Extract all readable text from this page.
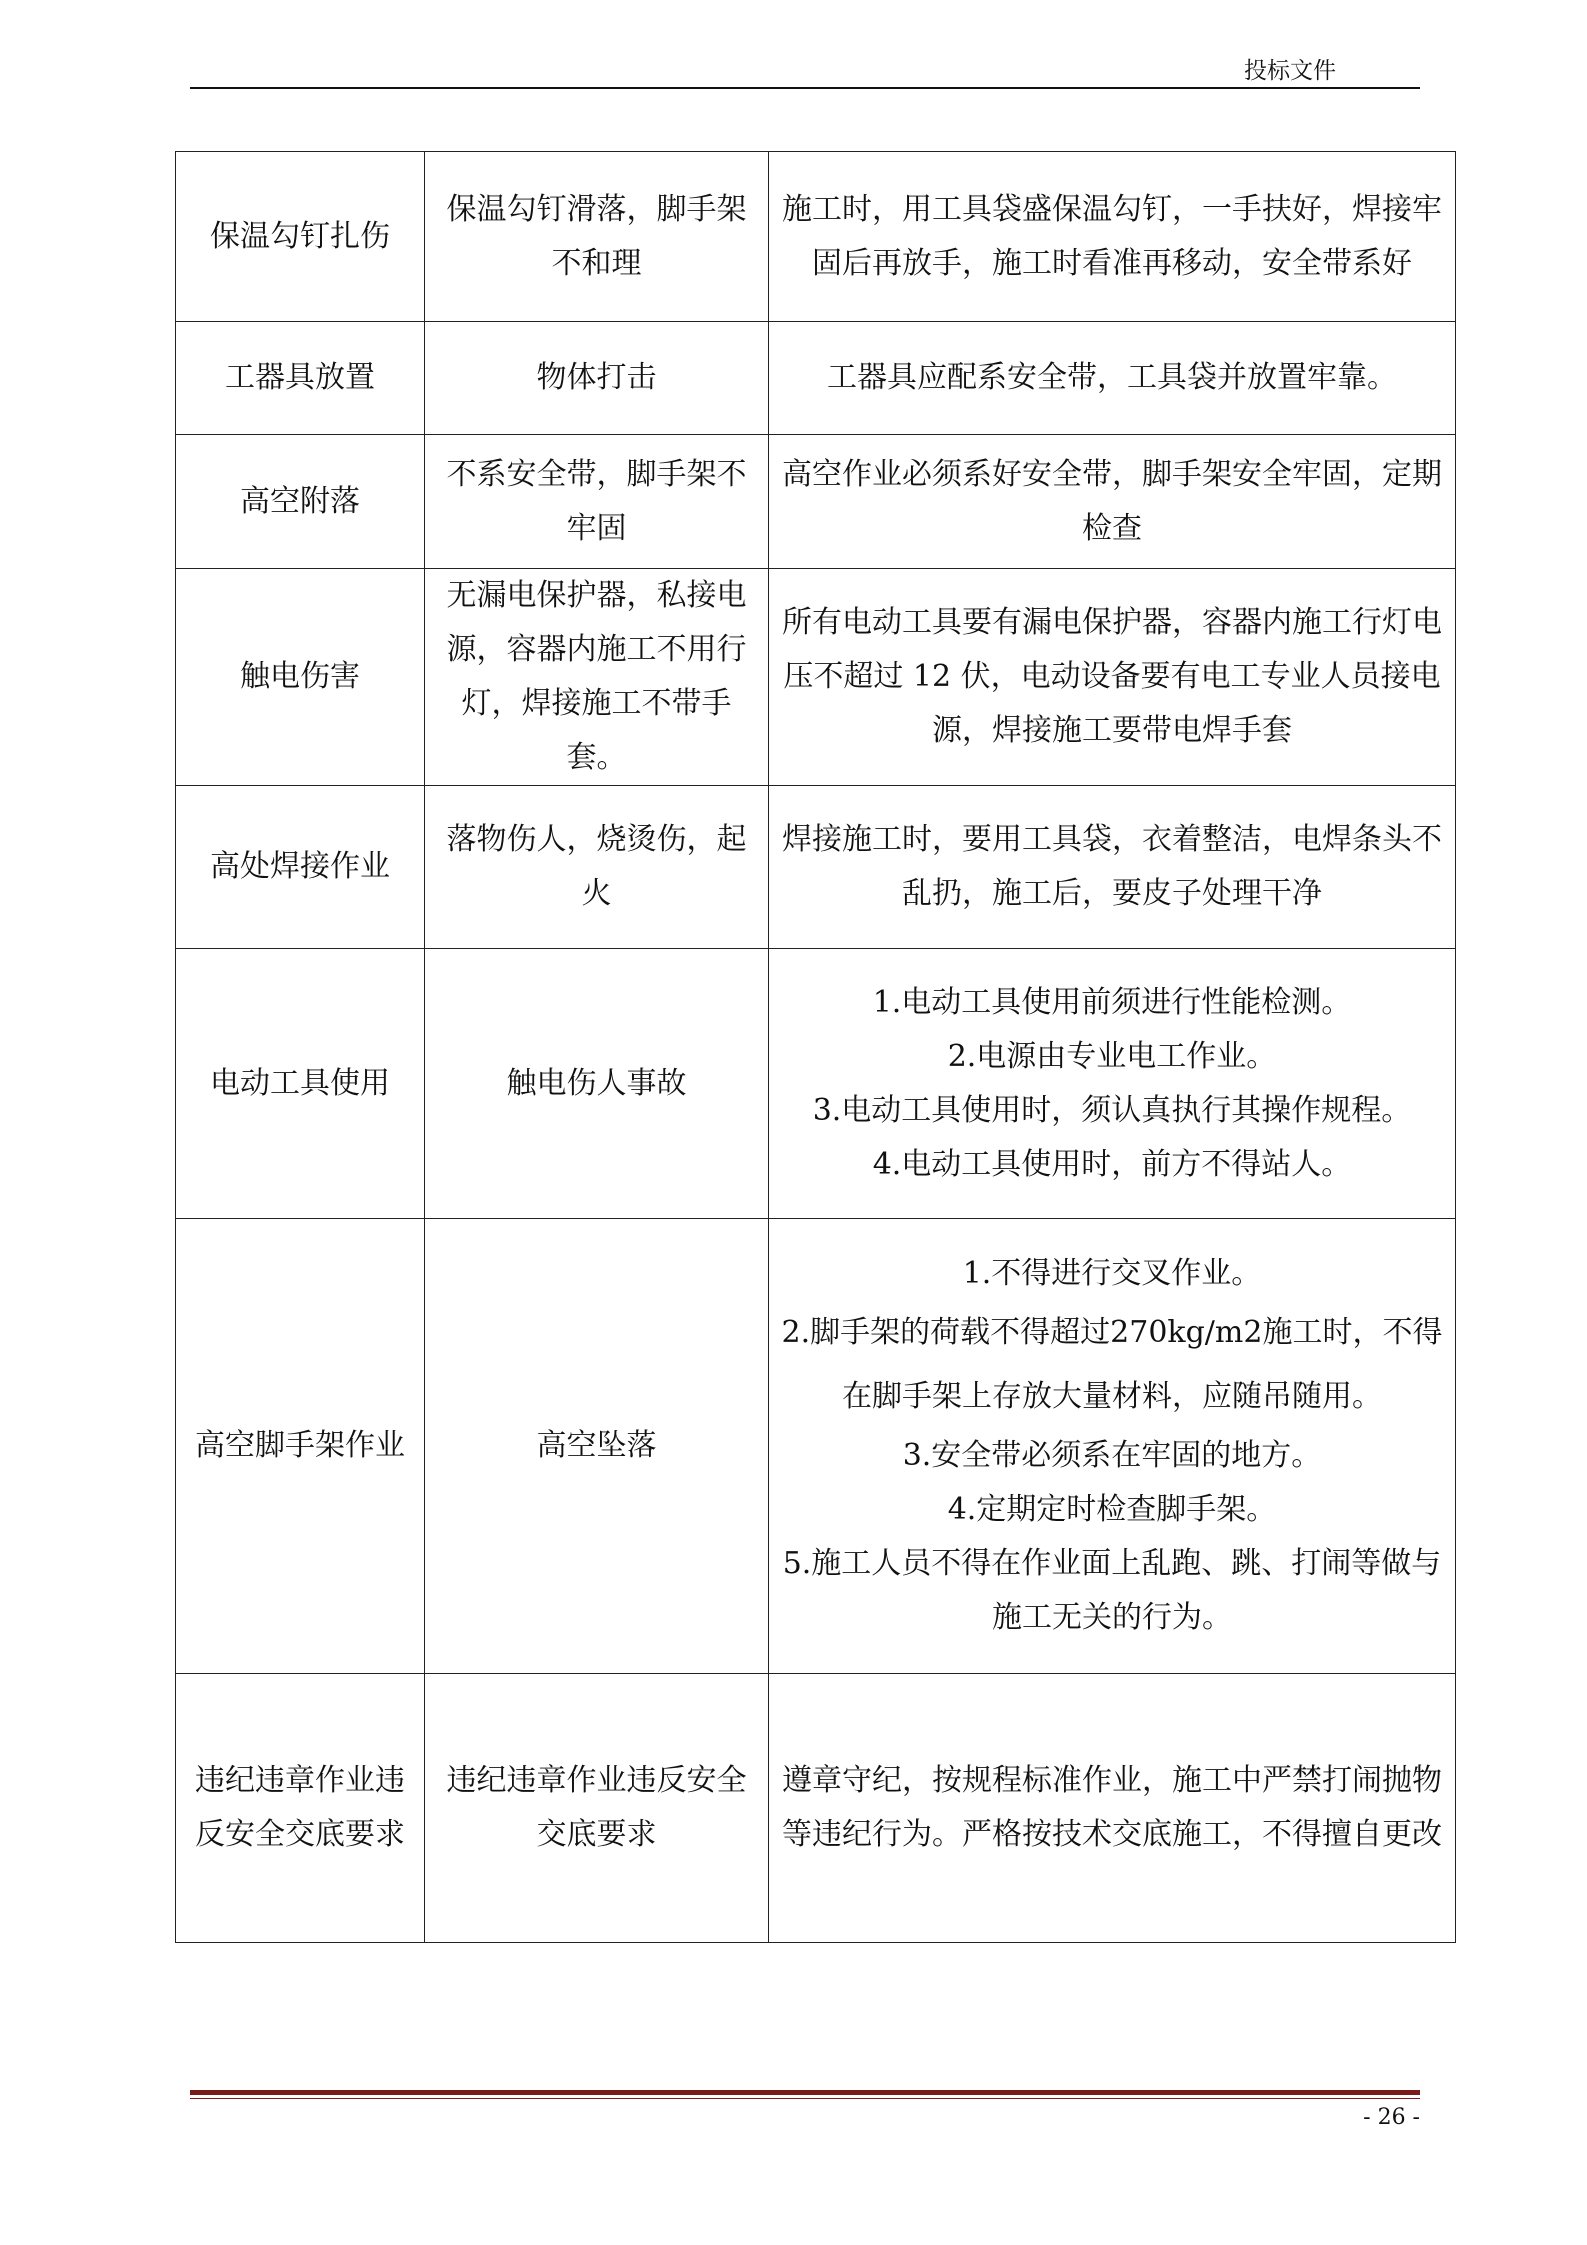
投标文件
保温勾钉扎伤	保温勾钉滑落，脚手架不和理	施工时，用工具袋盛保温勾钉，一手扶好，焊接牢固后再放手，施工时看准再移动，安全带系好
工器具放置	物体打击	工器具应配系安全带，工具袋并放置牢靠。
高空附落	不系安全带，脚手架不牢固	高空作业必须系好安全带，脚手架安全牢固，定期检查
触电伤害	无漏电保护器，私接电源，容器内施工不用行灯，焊接施工不带手套。	所有电动工具要有漏电保护器，容器内施工行灯电压不超过 12 伏，电动设备要有电工专业人员接电源，焊接施工要带电焊手套
高处焊接作业	落物伤人，烧烫伤，起火	焊接施工时，要用工具袋，衣着整洁，电焊条头不乱扔，施工后，要皮子处理干净
电动工具使用	触电伤人事故	1.电动工具使用前须进行性能检测。
2.电源由专业电工作业。
3.电动工具使用时，须认真执行其操作规程。
4.电动工具使用时，前方不得站人。

高空脚手架作业	高空坠落	1.不得进行交叉作业。
2.脚手架的荷载不得超过270kg/m2施工时，不得在脚手架上存放大量材料，应随吊随用。
3.安全带必须系在牢固的地方。
4.定期定时检查脚手架。
5.施工人员不得在作业面上乱跑、跳、打闹等做与施工无关的行为。

违纪违章作业违反安全交底要求	违纪违章作业违反安全交底要求	遵章守纪，按规程标准作业，施工中严禁打闹抛物等违纪行为。严格按技术交底施工，不得擅自更改
- 26 -
